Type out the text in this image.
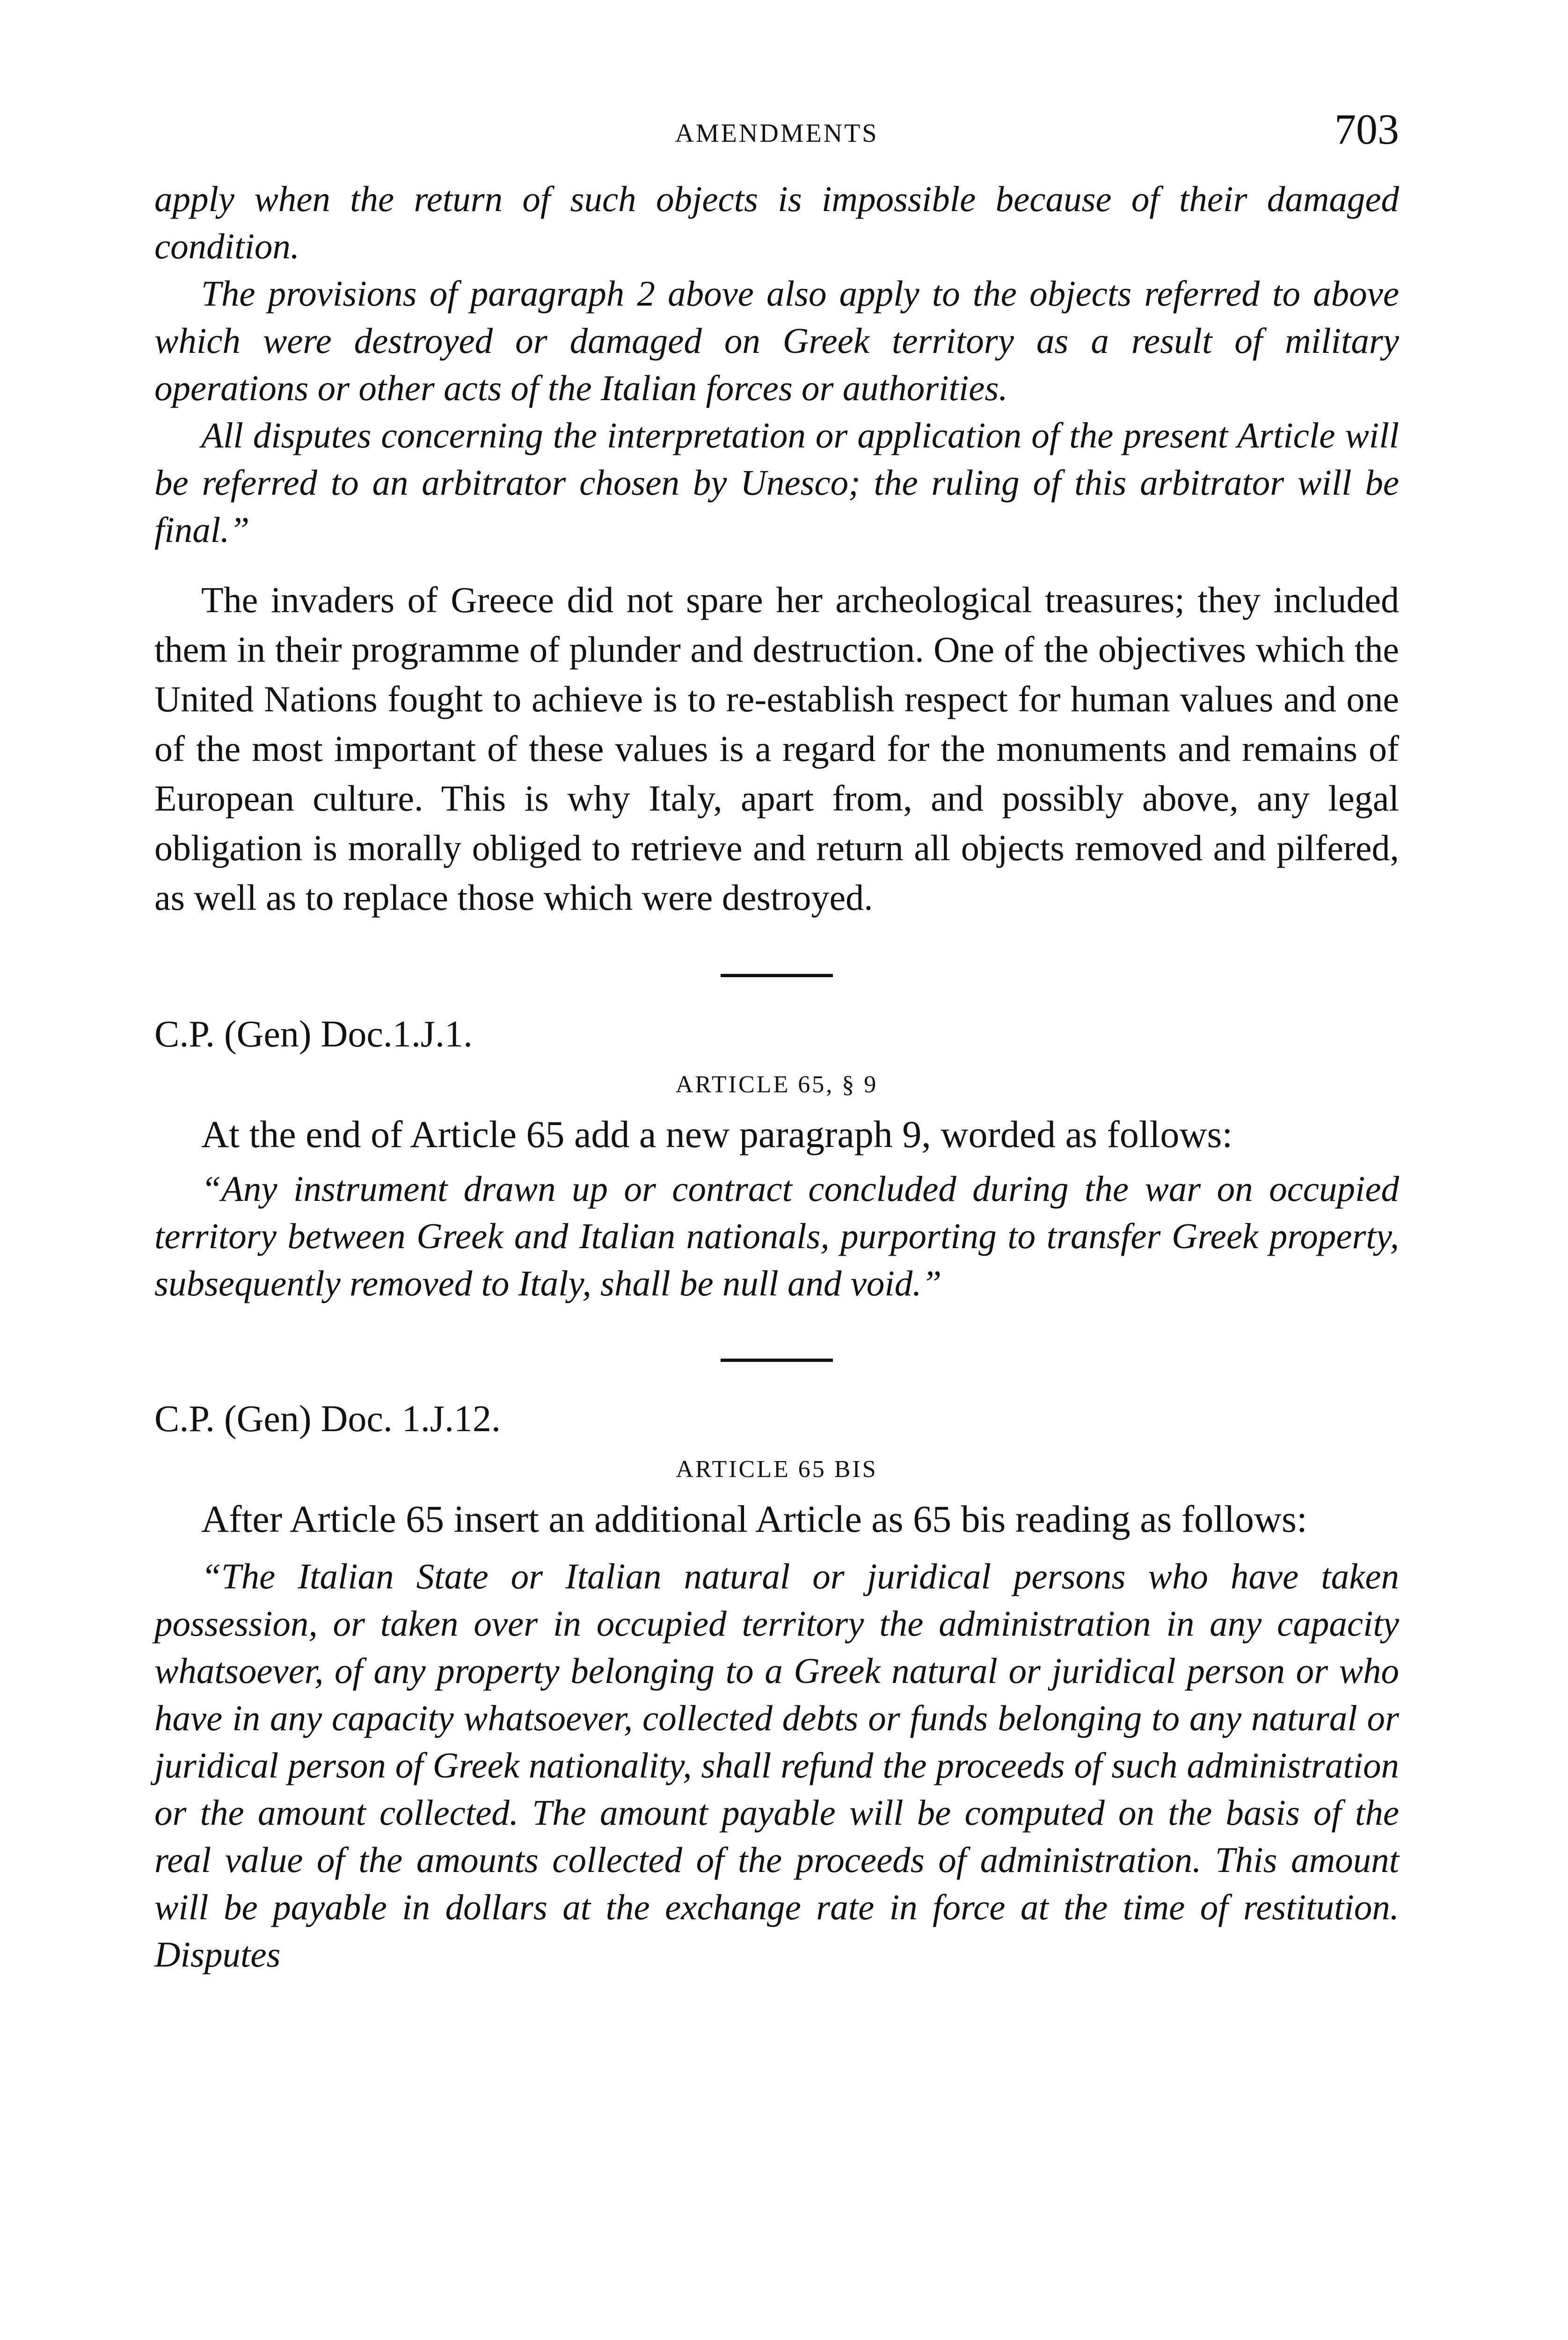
AMENDMENTS	703

apply when the return of such objects is impossible because of their damaged condition.

The provisions of paragraph 2 above also apply to the objects referred to above which were destroyed or damaged on Greek territory as a result of military operations or other acts of the Italian forces or authorities.

All disputes concerning the interpretation or application of the present Article will be referred to an arbitrator chosen by Unesco; the ruling of this arbitrator will be final.”

The invaders of Greece did not spare her archeological treasures; they included them in their programme of plunder and destruction. One of the objectives which the United Nations fought to achieve is to re-establish respect for human values and one of the most important of these values is a regard for the monuments and remains of European culture. This is why Italy, apart from, and possibly above, any legal obligation is morally obliged to retrieve and return all objects removed and pilfered, as well as to replace those which were destroyed.

C.P. (Gen) Doc.1.J.1.
ARTICLE 65, § 9

At the end of Article 65 add a new paragraph 9, worded as follows:

“Any instrument drawn up or contract concluded during the war on occupied territory between Greek and Italian nationals, purporting to transfer Greek property, subsequently removed to Italy, shall be null and void.”

C.P. (Gen) Doc. 1.J.12.
ARTICLE 65 BIS

After Article 65 insert an additional Article as 65 bis reading as follows:

“The Italian State or Italian natural or juridical persons who have taken possession, or taken over in occupied territory the administration in any capacity whatsoever, of any property belonging to a Greek natural or juridical person or who have in any capacity whatsoever, collected debts or funds belonging to any natural or juridical person of Greek nationality, shall refund the proceeds of such administration or the amount collected. The amount payable will be computed on the basis of the real value of the amounts collected of the proceeds of administration. This amount will be payable in dollars at the exchange rate in force at the time of restitution. Disputes
